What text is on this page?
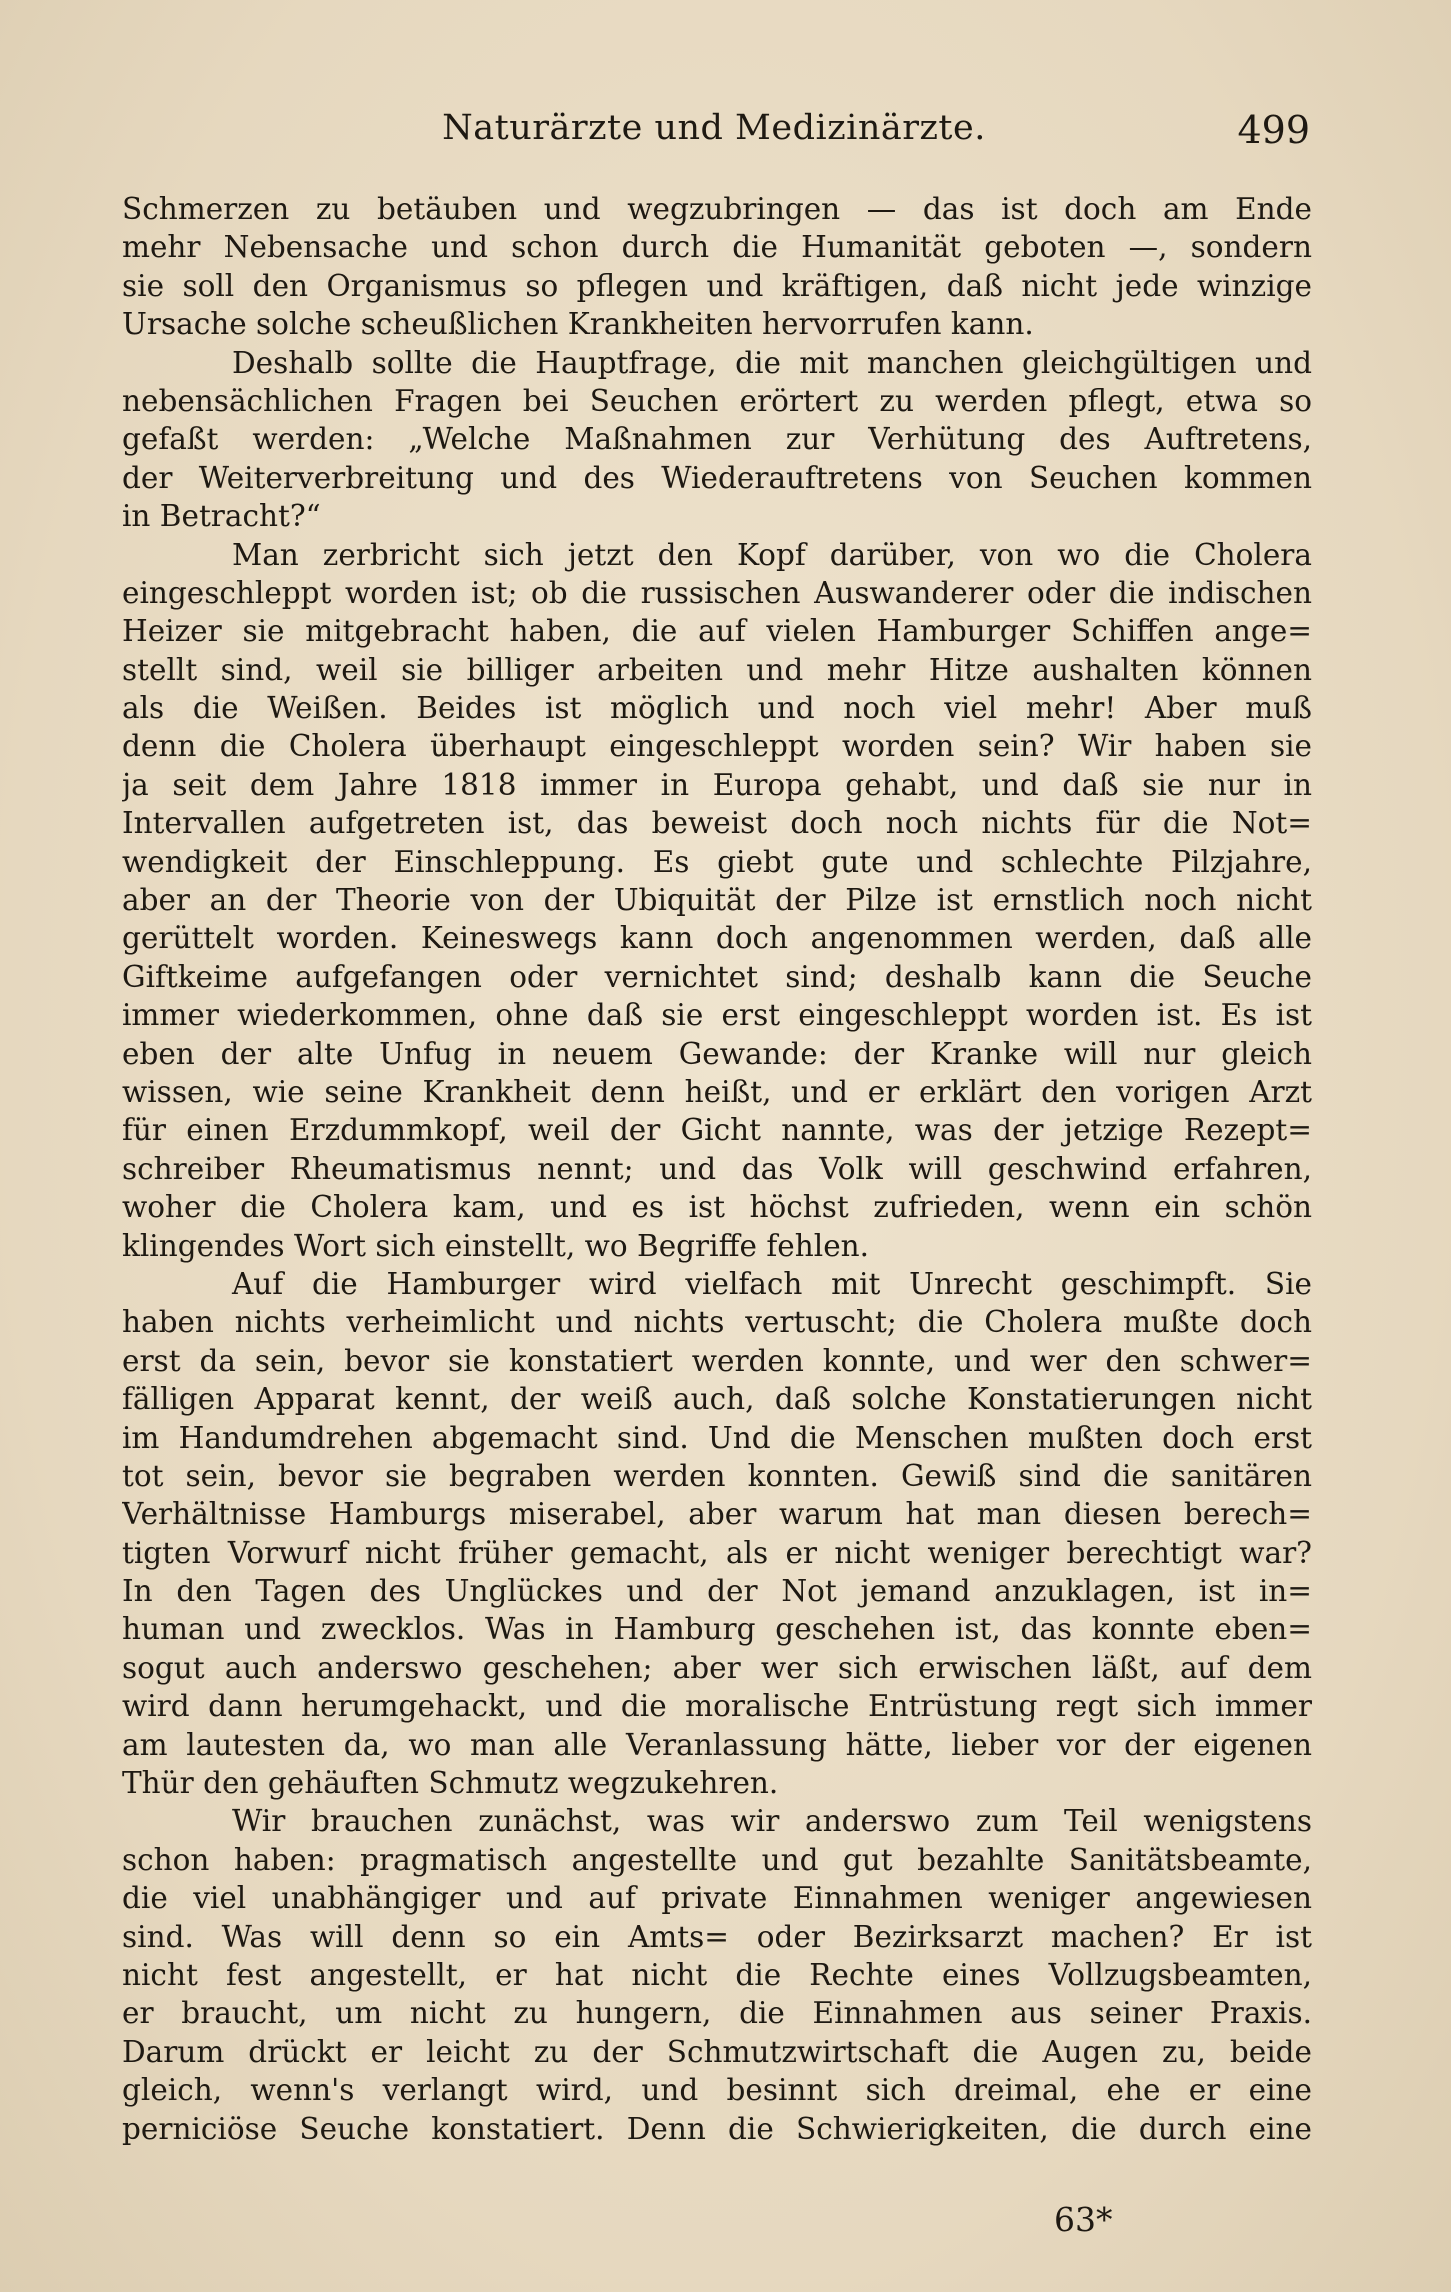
Naturärzte und Medizinärzte.	499
Schmerzen zu betäuben und wegzubringen — das ist doch am Ende
mehr Nebensache und schon durch die Humanität geboten —, sondern
sie soll den Organismus so pflegen und kräftigen, daß nicht jede winzige
Ursache solche scheußlichen Krankheiten hervorrufen kann.
Deshalb sollte die Hauptfrage, die mit manchen gleichgültigen und
nebensächlichen Fragen bei Seuchen erörtert zu werden pflegt, etwa so
gefaßt werden: „Welche Maßnahmen zur Verhütung des Auftretens,
der Weiterverbreitung und des Wiederauftretens von Seuchen kommen
in Betracht?“
Man zerbricht sich jetzt den Kopf darüber, von wo die Cholera
eingeschleppt worden ist; ob die russischen Auswanderer oder die indischen
Heizer sie mitgebracht haben, die auf vielen Hamburger Schiffen ange=
stellt sind, weil sie billiger arbeiten und mehr Hitze aushalten können
als die Weißen. Beides ist möglich und noch viel mehr! Aber muß
denn die Cholera überhaupt eingeschleppt worden sein? Wir haben sie
ja seit dem Jahre 1818 immer in Europa gehabt, und daß sie nur in
Intervallen aufgetreten ist, das beweist doch noch nichts für die Not=
wendigkeit der Einschleppung. Es giebt gute und schlechte Pilzjahre,
aber an der Theorie von der Ubiquität der Pilze ist ernstlich noch nicht
gerüttelt worden. Keineswegs kann doch angenommen werden, daß alle
Giftkeime aufgefangen oder vernichtet sind; deshalb kann die Seuche
immer wiederkommen, ohne daß sie erst eingeschleppt worden ist. Es ist
eben der alte Unfug in neuem Gewande: der Kranke will nur gleich
wissen, wie seine Krankheit denn heißt, und er erklärt den vorigen Arzt
für einen Erzdummkopf, weil der Gicht nannte, was der jetzige Rezept=
schreiber Rheumatismus nennt; und das Volk will geschwind erfahren,
woher die Cholera kam, und es ist höchst zufrieden, wenn ein schön
klingendes Wort sich einstellt, wo Begriffe fehlen.
Auf die Hamburger wird vielfach mit Unrecht geschimpft. Sie
haben nichts verheimlicht und nichts vertuscht; die Cholera mußte doch
erst da sein, bevor sie konstatiert werden konnte, und wer den schwer=
fälligen Apparat kennt, der weiß auch, daß solche Konstatierungen nicht
im Handumdrehen abgemacht sind. Und die Menschen mußten doch erst
tot sein, bevor sie begraben werden konnten. Gewiß sind die sanitären
Verhältnisse Hamburgs miserabel, aber warum hat man diesen berech=
tigten Vorwurf nicht früher gemacht, als er nicht weniger berechtigt war?
In den Tagen des Unglückes und der Not jemand anzuklagen, ist in=
human und zwecklos. Was in Hamburg geschehen ist, das konnte eben=
sogut auch anderswo geschehen; aber wer sich erwischen läßt, auf dem
wird dann herumgehackt, und die moralische Entrüstung regt sich immer
am lautesten da, wo man alle Veranlassung hätte, lieber vor der eigenen
Thür den gehäuften Schmutz wegzukehren.
Wir brauchen zunächst, was wir anderswo zum Teil wenigstens
schon haben: pragmatisch angestellte und gut bezahlte Sanitätsbeamte,
die viel unabhängiger und auf private Einnahmen weniger angewiesen
sind. Was will denn so ein Amts= oder Bezirksarzt machen? Er ist
nicht fest angestellt, er hat nicht die Rechte eines Vollzugsbeamten,
er braucht, um nicht zu hungern, die Einnahmen aus seiner Praxis.
Darum drückt er leicht zu der Schmutzwirtschaft die Augen zu, beide
gleich, wenn's verlangt wird, und besinnt sich dreimal, ehe er eine
perniciöse Seuche konstatiert. Denn die Schwierigkeiten, die durch eine
63*
